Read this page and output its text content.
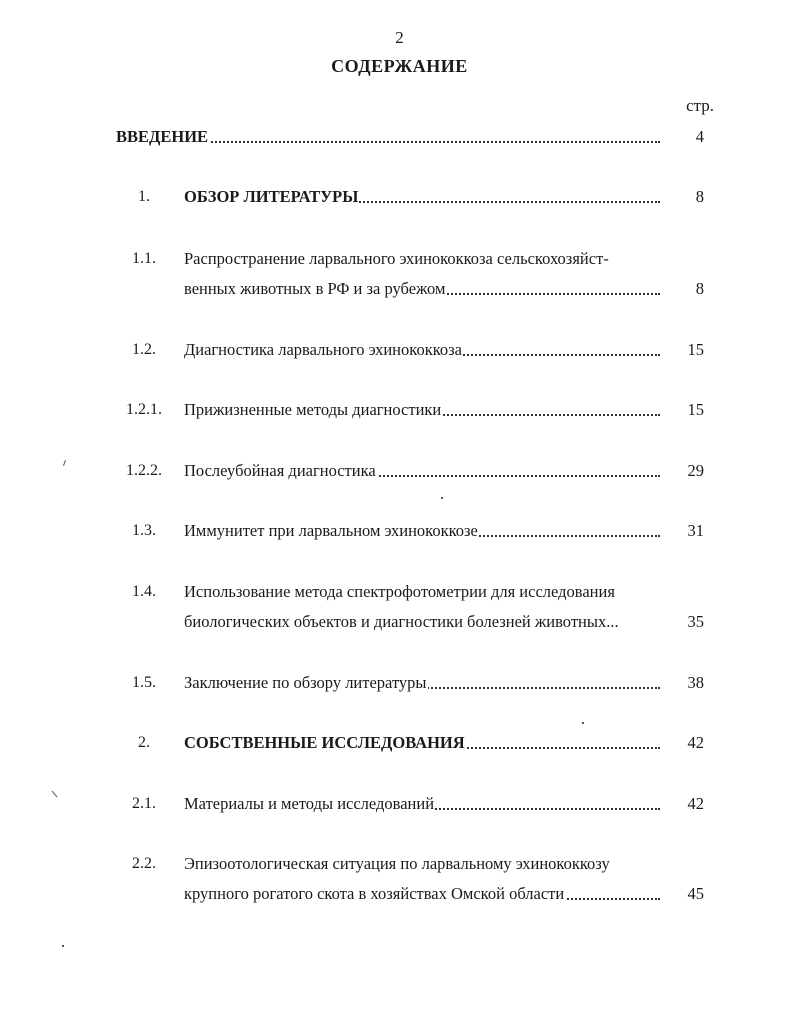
2
СОДЕРЖАНИЕ
стр.
ВВЕДЕНИЕ	4
1.	ОБЗОР ЛИТЕРАТУРЫ	8
1.1.	Распространение ларвального эхинококкоза сельскохозяйст-
венных животных в РФ и за рубежом	8
1.2.	Диагностика ларвального эхинококкоза	15
1.2.1.	Прижизненные методы диагностики	15
1.2.2.	Послеубойная диагностика	29
1.3.	Иммунитет при ларвальном эхинококкозе	31
1.4.	Использование метода спектрофотометрии для исследования
биологических объектов и диагностики болезней животных...	35
1.5.	Заключение по обзору литературы	38
2.	СОБСТВЕННЫЕ ИССЛЕДОВАНИЯ	42
2.1.	Материалы и методы исследований	42
2.2.	Эпизоотологическая ситуация по ларвальному эхинококкозу
крупного рогатого скота в хозяйствах Омской области	45
